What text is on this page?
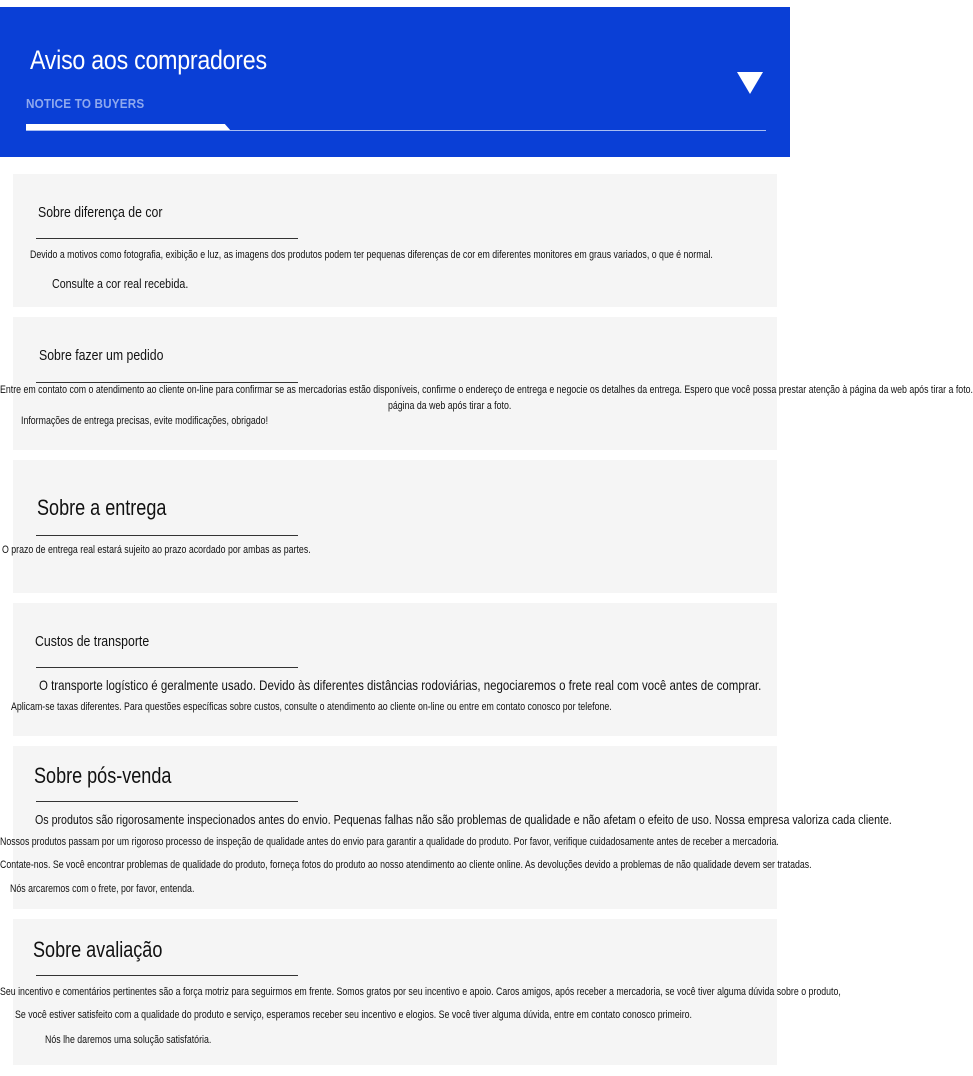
Aviso aos compradores
NOTICE TO BUYERS
Sobre diferença de cor
Devido a motivos como fotografia, exibição e luz, as imagens dos produtos podem ter pequenas diferenças de cor em diferentes monitores em graus variados, o que é normal.
Consulte a cor real recebida.
Sobre fazer um pedido
Entre em contato com o atendimento ao cliente on-line para confirmar se as mercadorias estão disponíveis, confirme o endereço de entrega e negocie os detalhes da entrega. Espero que você possa prestar atenção à página da web após tirar a foto.
página da web após tirar a foto.
Informações de entrega precisas, evite modificações, obrigado!
Sobre a entrega
O prazo de entrega real estará sujeito ao prazo acordado por ambas as partes.
Custos de transporte
O transporte logístico é geralmente usado. Devido às diferentes distâncias rodoviárias, negociaremos o frete real com você antes de comprar.
Aplicam-se taxas diferentes. Para questões específicas sobre custos, consulte o atendimento ao cliente on-line ou entre em contato conosco por telefone.
Sobre pós-venda
Os produtos são rigorosamente inspecionados antes do envio. Pequenas falhas não são problemas de qualidade e não afetam o efeito de uso. Nossa empresa valoriza cada cliente.
Nossos produtos passam por um rigoroso processo de inspeção de qualidade antes do envio para garantir a qualidade do produto. Por favor, verifique cuidadosamente antes de receber a mercadoria.
Contate-nos. Se você encontrar problemas de qualidade do produto, forneça fotos do produto ao nosso atendimento ao cliente online. As devoluções devido a problemas de não qualidade devem ser tratadas.
Nós arcaremos com o frete, por favor, entenda.
Sobre avaliação
Seu incentivo e comentários pertinentes são a força motriz para seguirmos em frente. Somos gratos por seu incentivo e apoio. Caros amigos, após receber a mercadoria, se você tiver alguma dúvida sobre o produto,
Se você estiver satisfeito com a qualidade do produto e serviço, esperamos receber seu incentivo e elogios. Se você tiver alguma dúvida, entre em contato conosco primeiro.
Nós lhe daremos uma solução satisfatória.
